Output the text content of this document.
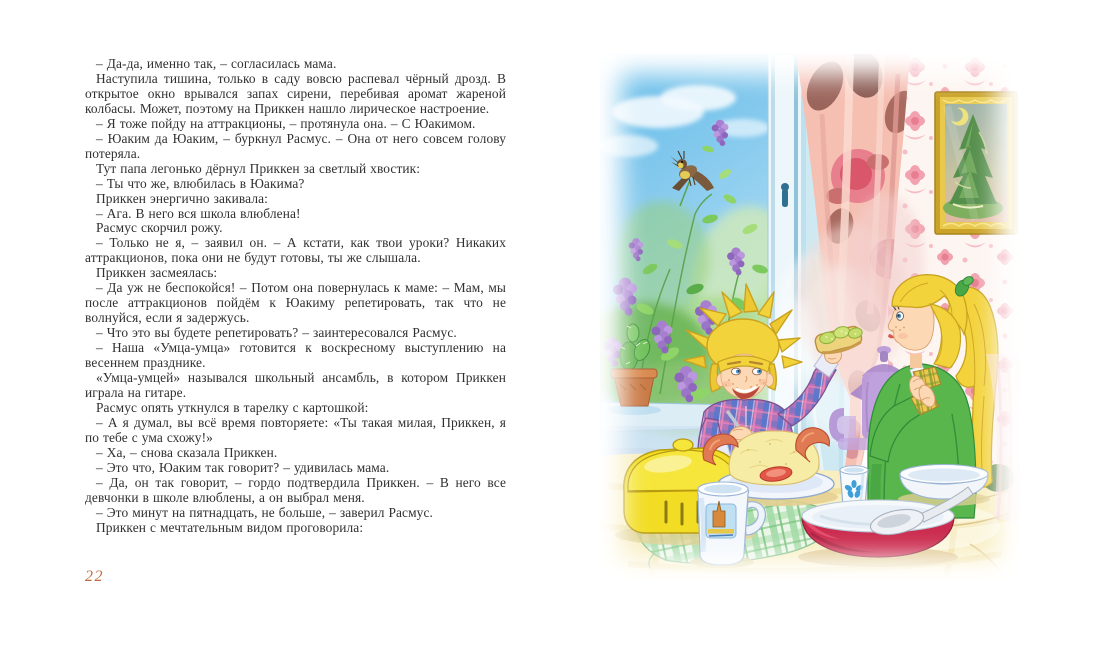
– Да-да, именно так, – согласилась мама.

Наступила тишина, только в саду вовсю распевал чёрный дрозд. В открытое окно врывался запах сирени, перебивая аромат жареной колбасы. Может, поэтому на Приккен нашло лирическое настроение.

– Я тоже пойду на аттракционы, – протянула она. – С Юакимом.

– Юаким да Юаким, – буркнул Расмус. – Она от него совсем голову потеряла.

Тут папа легонько дёрнул Приккен за светлый хвостик:

– Ты что же, влюбилась в Юакима?

Приккен энергично закивала:

– Ага. В него вся школа влюблена!

Расмус скорчил рожу.

– Только не я, – заявил он. – А кстати, как твои уроки? Никаких аттракционов, пока они не будут готовы, ты же слышала.

Приккен засмеялась:

– Да уж не беспокойся! – Потом она повернулась к маме: – Мам, мы после аттракционов пойдём к Юакиму репетировать, так что не волнуйся, если я задержусь.

– Что это вы будете репетировать? – заинтересовался Расмус.

– Наша «Умца-умца» готовится к воскресному выступлению на весеннем празднике.

«Умца-умцей» назывался школьный ансамбль, в котором Приккен играла на гитаре.

Расмус опять уткнулся в тарелку с картошкой:

– А я думал, вы всё время повторяете: «Ты такая милая, Приккен, я по тебе с ума схожу!»

– Ха, – снова сказала Приккен.

– Это что, Юаким так говорит? – удивилась мама.

– Да, он так говорит, – гордо подтвердила Приккен. – В него все девчонки в школе влюблены, а он выбрал меня.

– Это минут на пятнадцать, не больше, – заверил Расмус.

Приккен с мечтательным видом проговорила:

22
